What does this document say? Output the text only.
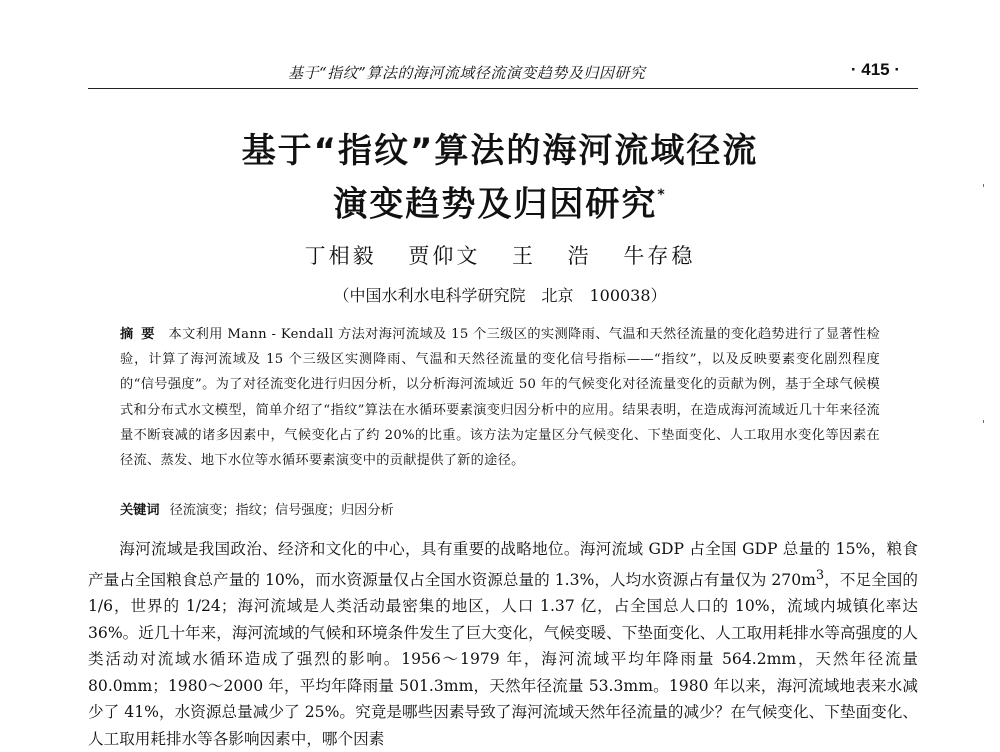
基于“指纹”算法的海河流域径流演变趋势及归因研究	· 415 ·
基于“指纹”算法的海河流域径流
演变趋势及归因研究*
丁相毅 贾仰文 王 浩 牛存稳
（中国水利水电科学研究院　北京　100038）
摘要 本文利用 Mann - Kendall 方法对海河流域及 15 个三级区的实测降雨、气温和天然径流量的变化趋势进行了显著性检验，计算了海河流域及 15 个三级区实测降雨、气温和天然径流量的变化信号指标——“指纹”，以及反映要素变化剧烈程度的“信号强度”。为了对径流变化进行归因分析，以分析海河流域近 50 年的气候变化对径流量变化的贡献为例，基于全球气候模式和分布式水文模型，简单介绍了“指纹”算法在水循环要素演变归因分析中的应用。结果表明，在造成海河流域近几十年来径流量不断衰减的诸多因素中，气候变化占了约 20%的比重。该方法为定量区分气候变化、下垫面变化、人工取用水变化等因素在径流、蒸发、地下水位等水循环要素演变中的贡献提供了新的途径。
关键词 径流演变；指纹；信号强度；归因分析

海河流域是我国政治、经济和文化的中心，具有重要的战略地位。海河流域 GDP 占全国 GDP 总量的 15%，粮食产量占全国粮食总产量的 10%，而水资源量仅占全国水资源总量的 1.3%，人均水资源占有量仅为 $270m^3$，不足全国的 1/6，世界的 1/24；海河流域是人类活动最密集的地区，人口 1.37 亿，占全国总人口的 10%，流域内城镇化率达 36%。近几十年来，海河流域的气候和环境条件发生了巨大变化，气候变暖、下垫面变化、人工取用耗排水等高强度的人类活动对流域水循环造成了强烈的影响。1956～1979 年，海河流域平均年降雨量 564.2mm，天然年径流量 80.0mm；1980～2000 年，平均年降雨量 501.3mm，天然年径流量 53.3mm。1980 年以来，海河流域地表来水减少了 41%，水资源总量减少了 25%。究竟是哪些因素导致了海河流域天然年径流量的减少？在气候变化、下垫面变化、人工取用耗排水等各影响因素中，哪个因素

'
'
